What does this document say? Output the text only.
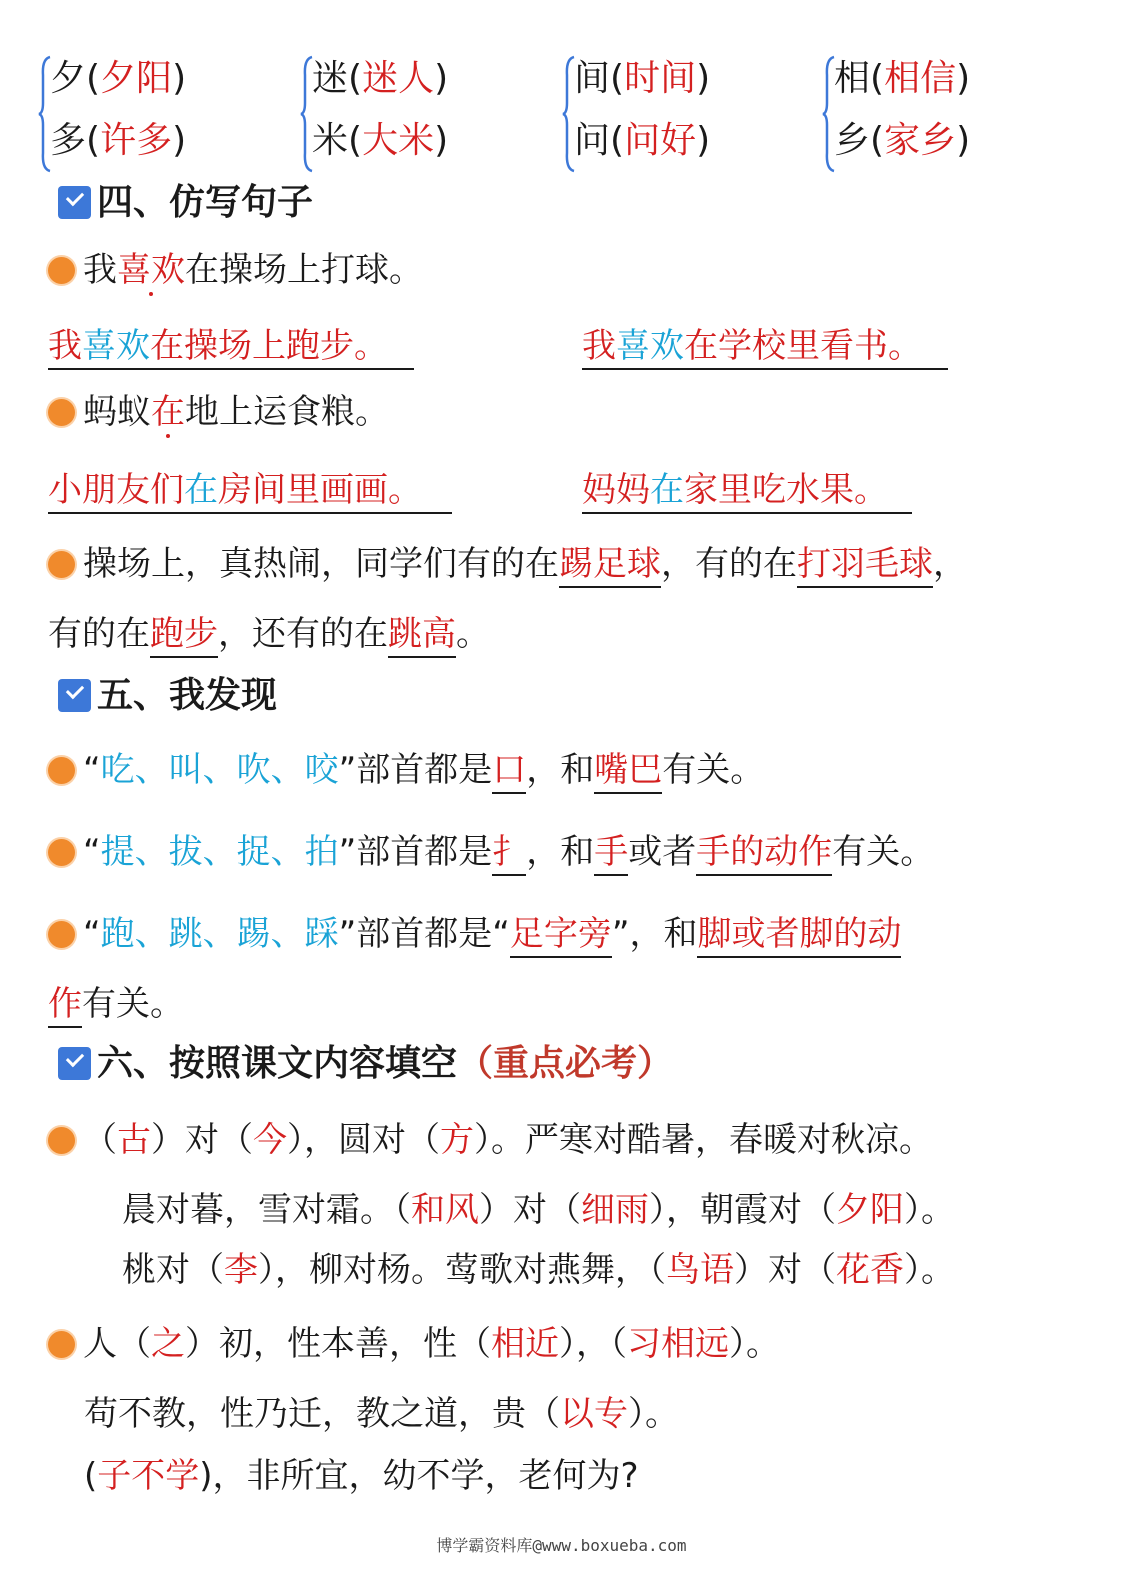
夕(夕阳)
多(许多)
迷(迷人)
米(大米)
间(时间)
问(问好)
相(相信)
乡(家乡)
四、仿写句子
我喜欢在操场上打球。
我喜欢在操场上跑步。	我喜欢在学校里看书。
蚂蚁在地上运食粮。
小朋友们在房间里画画。	妈妈在家里吃水果。
操场上，真热闹，同学们有的在踢足球，有的在打羽毛球，
有的在跑步，还有的在跳高。
五、我发现
“吃、叫、吹、咬”部首都是口，和嘴巴有关。
“提、拔、捉、拍”部首都是扌，和手或者手的动作有关。
“跑、跳、踢、踩”部首都是“足字旁”，和脚或者脚的动
作有关。
六、按照课文内容填空（重点必考）
（古）对（今），圆对（方）。严寒对酷暑，春暖对秋凉。
晨对暮，雪对霜。（和风）对（细雨），朝霞对（夕阳）。
桃对（李），柳对杨。莺歌对燕舞，（鸟语）对（花香）。
人（之）初，性本善，性（相近），（习相远）。
苟不教，性乃迁，教之道，贵（以专）。
(子不学)，非所宜，幼不学，老何为?
博学霸资料库@www.boxueba.com
